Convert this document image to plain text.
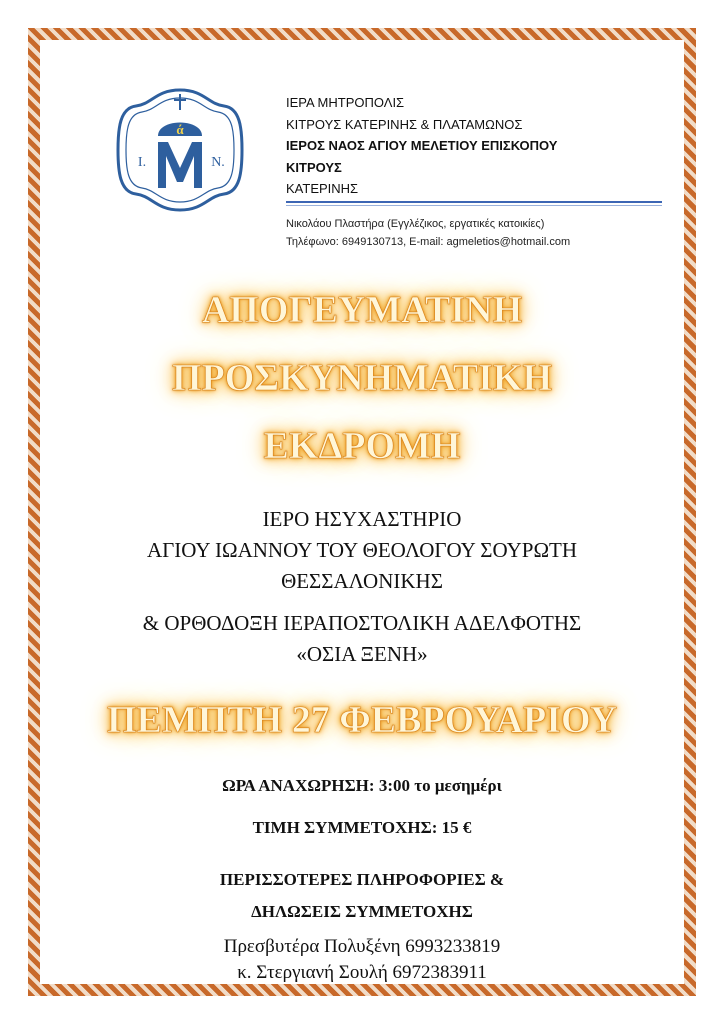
ά
Ι.	Ν.
ΙΕΡΑ ΜΗΤΡΟΠΟΛΙΣ
ΚΙΤΡΟΥΣ ΚΑΤΕΡΙΝΗΣ & ΠΛΑΤΑΜΩΝΟΣ
ΙΕΡΟΣ ΝΑΟΣ ΑΓΙΟΥ ΜΕΛΕΤΙΟΥ ΕΠΙΣΚΟΠΟΥ
ΚΙΤΡΟΥΣ
ΚΑΤΕΡΙΝΗΣ
Νικολάου Πλαστήρα (Εγγλέζικος, εργατικές κατοικίες)
Τηλέφωνο: 6949130713, E-mail: agmeletios@hotmail.com
ΑΠΟΓΕΥΜΑΤΙΝΗ
ΠΡΟΣΚΥΝΗΜΑΤΙΚΗ
ΕΚΔΡΟΜΗ
ΙΕΡΟ ΗΣΥΧΑΣΤΗΡΙΟ
ΑΓΙΟΥ ΙΩΑΝΝΟΥ ΤΟΥ ΘΕΟΛΟΓΟΥ ΣΟΥΡΩΤΗ
ΘΕΣΣΑΛΟΝΙΚΗΣ
& ΟΡΘΟΔΟΞΗ ΙΕΡΑΠΟΣΤΟΛΙΚΗ ΑΔΕΛΦΟΤΗΣ
«ΟΣΙΑ ΞΕΝΗ»
ΠΕΜΠΤΗ 27 ΦΕΒΡΟΥΑΡΙΟΥ
ΩΡΑ ΑΝΑΧΩΡΗΣΗ: 3:00 το μεσημέρι
ΤΙΜΗ ΣΥΜΜΕΤΟΧΗΣ: 15 €
ΠΕΡΙΣΣΟΤΕΡΕΣ ΠΛΗΡΟΦΟΡΙΕΣ &
ΔΗΛΩΣΕΙΣ ΣΥΜΜΕΤΟΧΗΣ
Πρεσβυτέρα Πολυξένη 6993233819
κ. Στεργιανή Σουλή 6972383911
